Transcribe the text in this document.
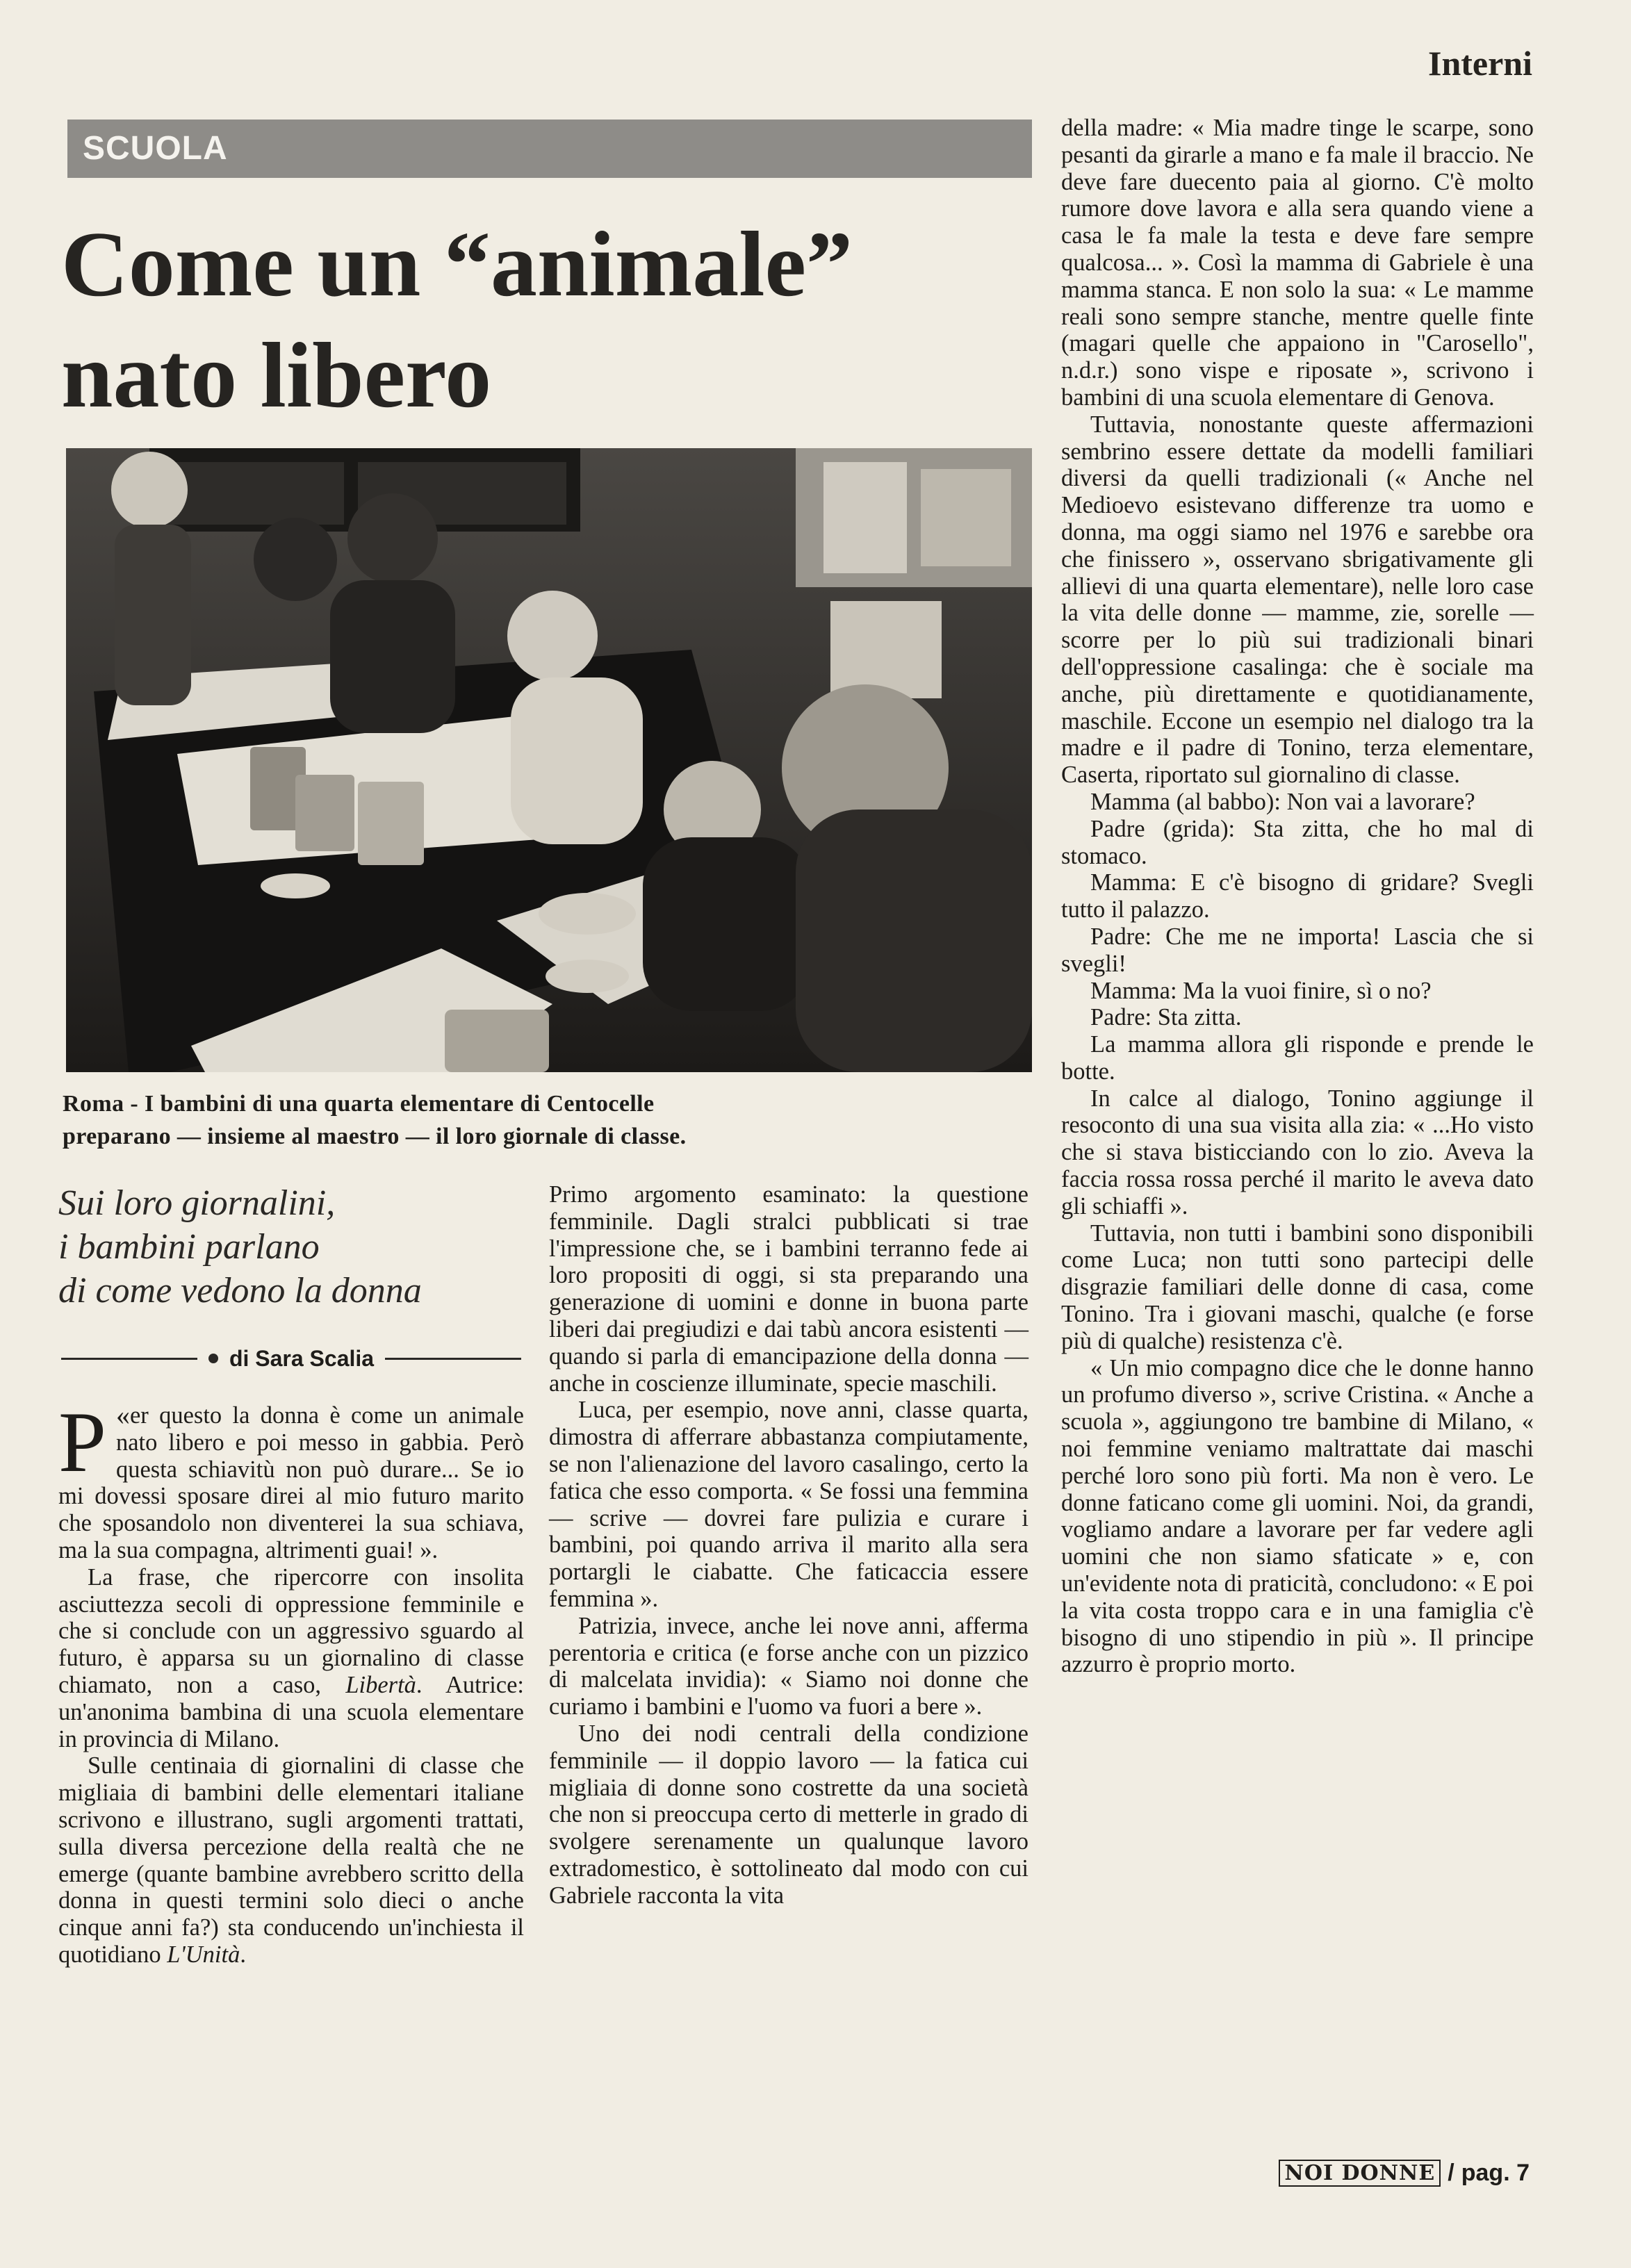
Interni
SCUOLA
Come un “animale”
nato libero
Roma - I bambini di una quarta elementare di Centocelle
preparano — insieme al maestro — il loro giornale di classe.
Sui loro giornalini,
i bambini parlano
di come vedono la donna
di Sara Scalia

«
P er questo la donna è come un animale nato libero e poi messo in gabbia. Però questa schiavitù non può durare... Se io mi dovessi sposare direi al mio futuro marito che sposandolo non diventerei la sua schiava, ma la sua compagna, altrimenti guai! ».

La frase, che ripercorre con insolita asciuttezza secoli di oppressione femminile e che si conclude con un aggressivo sguardo al futuro, è apparsa su un giornalino di classe chiamato, non a caso, Libertà. Autrice: un'anonima bambina di una scuola elementare in provincia di Milano.

Sulle centinaia di giornalini di classe che migliaia di bambini delle elementari italiane scrivono e illustrano, sugli argomenti trattati, sulla diversa percezione della realtà che ne emerge (quante bambine avrebbero scritto della donna in questi termini solo dieci o anche cinque anni fa?) sta conducendo un'inchiesta il quotidiano L'Unità.

Primo argomento esaminato: la questione femminile. Dagli stralci pubblicati si trae l'impressione che, se i bambini terranno fede ai loro propositi di oggi, si sta preparando una generazione di uomini e donne in buona parte liberi dai pregiudizi e dai tabù ancora esistenti — quando si parla di emancipazione della donna — anche in coscienze illuminate, specie maschili.

Luca, per esempio, nove anni, classe quarta, dimostra di afferrare abbastanza compiutamente, se non l'alienazione del lavoro casalingo, certo la fatica che esso comporta. « Se fossi una femmina — scrive — dovrei fare pulizia e curare i bambini, poi quando arriva il marito alla sera portargli le ciabatte. Che faticaccia essere femmina ».

Patrizia, invece, anche lei nove anni, afferma perentoria e critica (e forse anche con un pizzico di malcelata invidia): « Siamo noi donne che curiamo i bambini e l'uomo va fuori a bere ».

Uno dei nodi centrali della condizione femminile — il doppio lavoro — la fatica cui migliaia di donne sono costrette da una società che non si preoccupa certo di metterle in grado di svolgere serenamente un qualunque lavoro extradomestico, è sottolineato dal modo con cui Gabriele racconta la vita

della madre: « Mia madre tinge le scarpe, sono pesanti da girarle a mano e fa male il braccio. Ne deve fare duecento paia al giorno. C'è molto rumore dove lavora e alla sera quando viene a casa le fa male la testa e deve fare sempre qualcosa... ». Così la mamma di Gabriele è una mamma stanca. E non solo la sua: « Le mamme reali sono sempre stanche, mentre quelle finte (magari quelle che appaiono in "Carosello", n.d.r.) sono vispe e riposate », scrivono i bambini di una scuola elementare di Genova.

Tuttavia, nonostante queste affermazioni sembrino essere dettate da modelli familiari diversi da quelli tradizionali (« Anche nel Medioevo esistevano differenze tra uomo e donna, ma oggi siamo nel 1976 e sarebbe ora che finissero », osservano sbrigativamente gli allievi di una quarta elementare), nelle loro case la vita delle donne — mamme, zie, sorelle — scorre per lo più sui tradizionali binari dell'oppressione casalinga: che è sociale ma anche, più direttamente e quotidianamente, maschile. Eccone un esempio nel dialogo tra la madre e il padre di Tonino, terza elementare, Caserta, riportato sul giornalino di classe.

Mamma (al babbo): Non vai a lavorare?

Padre (grida): Sta zitta, che ho mal di stomaco.

Mamma: E c'è bisogno di gridare? Svegli tutto il palazzo.

Padre: Che me ne importa! Lascia che si svegli!

Mamma: Ma la vuoi finire, sì o no?

Padre: Sta zitta.

La mamma allora gli risponde e prende le botte.

In calce al dialogo, Tonino aggiunge il resoconto di una sua visita alla zia: « ...Ho visto che si stava bisticciando con lo zio. Aveva la faccia rossa rossa perché il marito le aveva dato gli schiaffi ».

Tuttavia, non tutti i bambini sono disponibili come Luca; non tutti sono partecipi delle disgrazie familiari delle donne di casa, come Tonino. Tra i giovani maschi, qualche (e forse più di qualche) resistenza c'è.

« Un mio compagno dice che le donne hanno un profumo diverso », scrive Cristina. « Anche a scuola », aggiungono tre bambine di Milano, « noi femmine veniamo maltrattate dai maschi perché loro sono più forti. Ma non è vero. Le donne faticano come gli uomini. Noi, da grandi, vogliamo andare a lavorare per far vedere agli uomini che non siamo sfaticate » e, con un'evidente nota di praticità, concludono: « E poi la vita costa troppo cara e in una famiglia c'è bisogno di uno stipendio in più ». Il principe azzurro è proprio morto.

NOI DONNE / pag. 7
